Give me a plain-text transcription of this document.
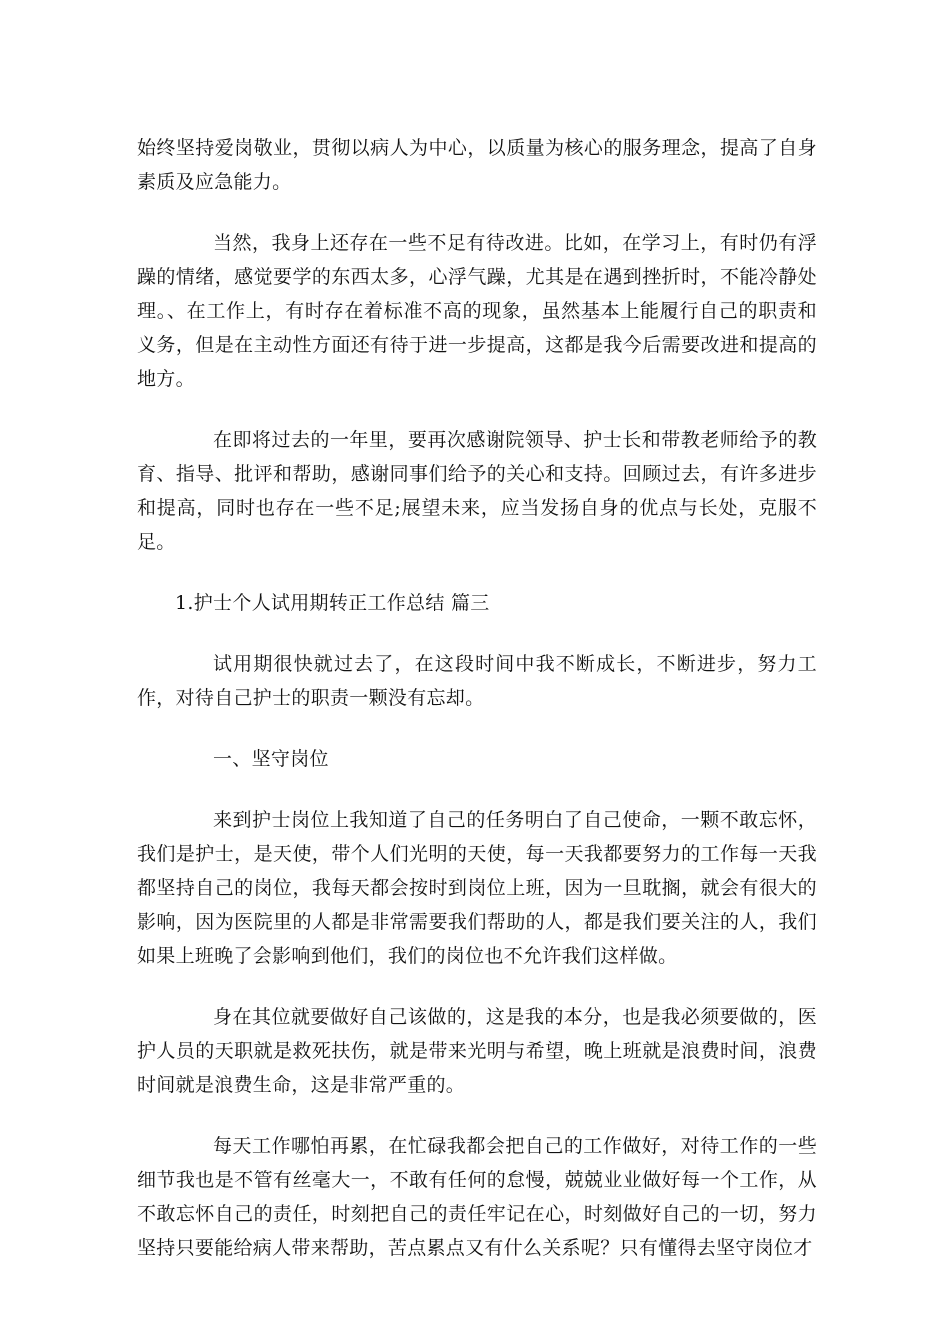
始终坚持爱岗敬业，贯彻以病人为中心，以质量为核心的服务理念，提高了自身素质及应急能力。

当然，我身上还存在一些不足有待改进。比如，在学习上，有时仍有浮躁的情绪，感觉要学的东西太多，心浮气躁，尤其是在遇到挫折时，不能冷静处理。、在工作上，有时存在着标准不高的现象，虽然基本上能履行自己的职责和义务，但是在主动性方面还有待于进一步提高，这都是我今后需要改进和提高的地方。

在即将过去的一年里，要再次感谢院领导、护士长和带教老师给予的教育、指导、批评和帮助，感谢同事们给予的关心和支持。回顾过去，有许多进步和提高，同时也存在一些不足;展望未来，应当发扬自身的优点与长处，克服不足。

1.护士个人试用期转正工作总结 篇三

试用期很快就过去了，在这段时间中我不断成长，不断进步，努力工作，对待自己护士的职责一颗没有忘却。

一、坚守岗位

来到护士岗位上我知道了自己的任务明白了自己使命，一颗不敢忘怀，我们是护士，是天使，带个人们光明的天使，每一天我都要努力的工作每一天我都坚持自己的岗位，我每天都会按时到岗位上班，因为一旦耽搁，就会有很大的影响，因为医院里的人都是非常需要我们帮助的人，都是我们要关注的人，我们如果上班晚了会影响到他们，我们的岗位也不允许我们这样做。

身在其位就要做好自己该做的，这是我的本分，也是我必须要做的，医护人员的天职就是救死扶伤，就是带来光明与希望，晚上班就是浪费时间，浪费时间就是浪费生命，这是非常严重的。

每天工作哪怕再累，在忙碌我都会把自己的工作做好，对待工作的一些细节我也是不管有丝毫大一，不敢有任何的怠慢，兢兢业业做好每一个工作，从不敢忘怀自己的责任，时刻把自己的责任牢记在心，时刻做好自己的一切，努力坚持只要能给病人带来帮助，苦点累点又有什么关系呢？只有懂得去坚守岗位才
